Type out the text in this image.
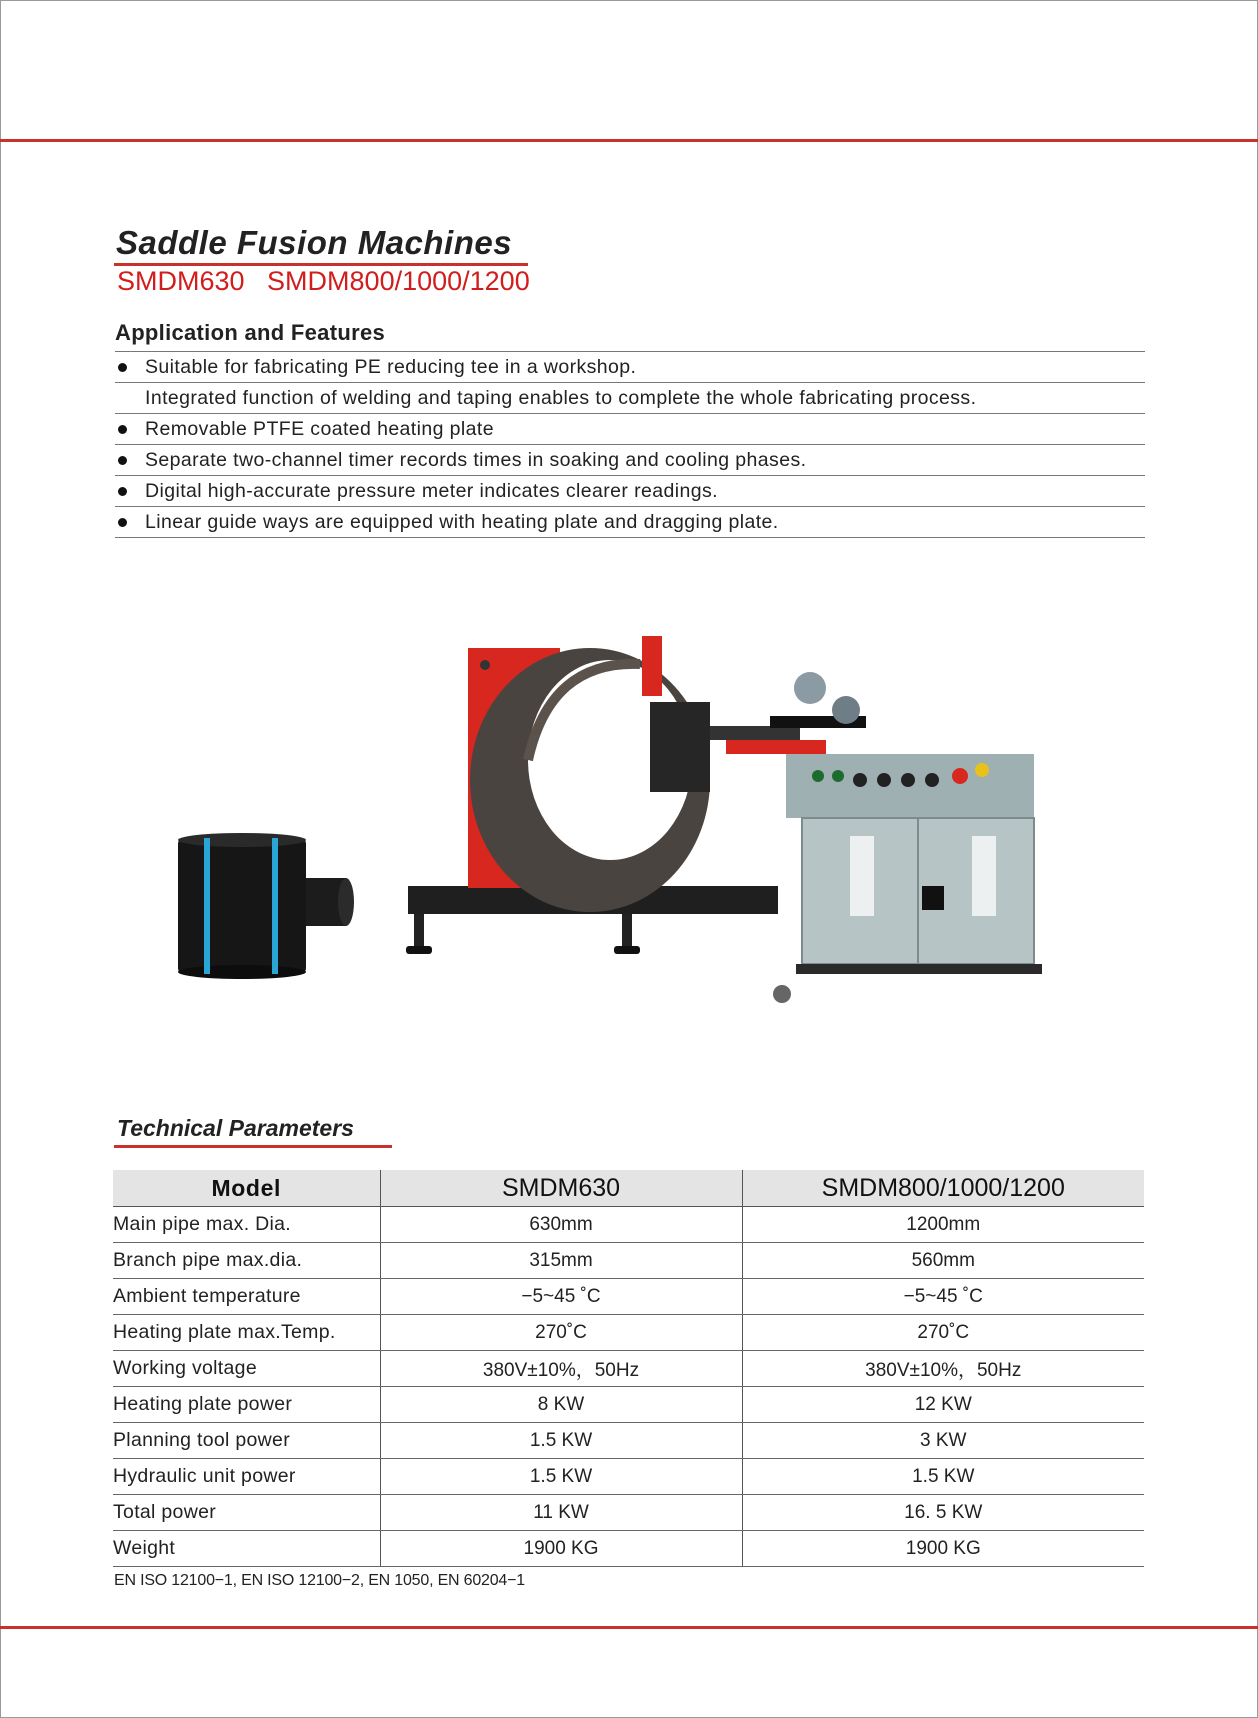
Saddle Fusion Machines
SMDM630   SMDM800/1000/1200
Application and Features
Suitable for fabricating PE reducing tee in a workshop.
Integrated function of welding and taping enables to complete the whole fabricating process.
Removable PTFE coated heating plate
Separate two-channel timer records times in soaking and cooling phases.
Digital high-accurate pressure meter indicates clearer readings.
Linear guide ways are equipped with heating plate and dragging plate.
Technical Parameters
Model	SMDM630	SMDM800/1000/1200
Main pipe max. Dia.	630mm	1200mm
Branch pipe max.dia.	315mm	560mm
Ambient temperature	−5~45 ˚C	−5~45 ˚C
Heating plate max.Temp.	270˚C	270˚C
Working voltage	380V±10%，50Hz	380V±10%，50Hz
Heating plate power	8 KW	12 KW
Planning tool power	1.5 KW	3 KW
Hydraulic unit power	1.5 KW	1.5 KW
Total power	11 KW	16. 5 KW
Weight	1900 KG	1900 KG
EN ISO 12100−1, EN ISO 12100−2, EN 1050, EN 60204−1
